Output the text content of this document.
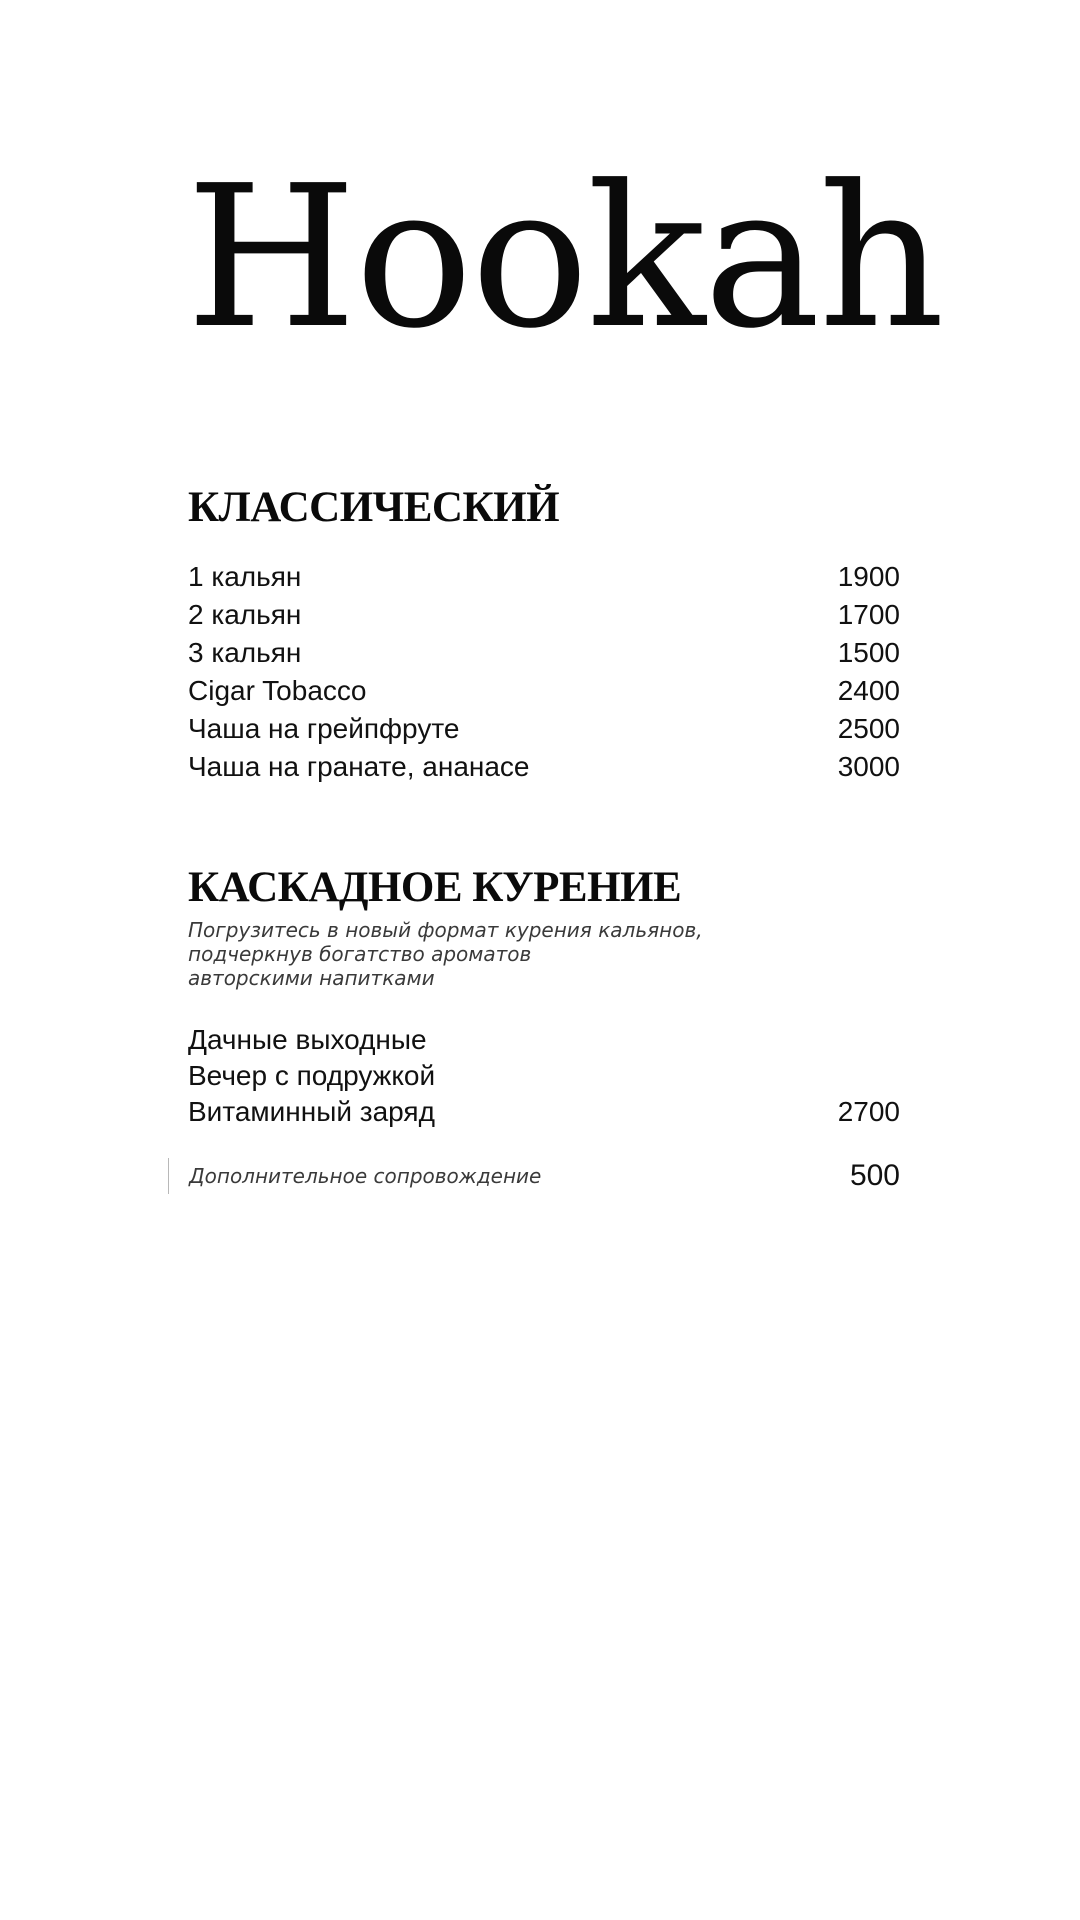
Hookah
КЛАССИЧЕСКИЙ
1 кальян	1900
2 кальян	1700
3 кальян	1500
Cigar Tobacco	2400
Чаша на грейпфруте	2500
Чаша на гранате, ананасе	3000
КАСКАДНОЕ КУРЕНИЕ

Погрузитесь в новый формат курения кальянов,
подчеркнув богатство ароматов
авторскими напитками

Дачные выходные
Вечер с подружкой
Витаминный заряд	2700
Дополнительное сопровождение	500
